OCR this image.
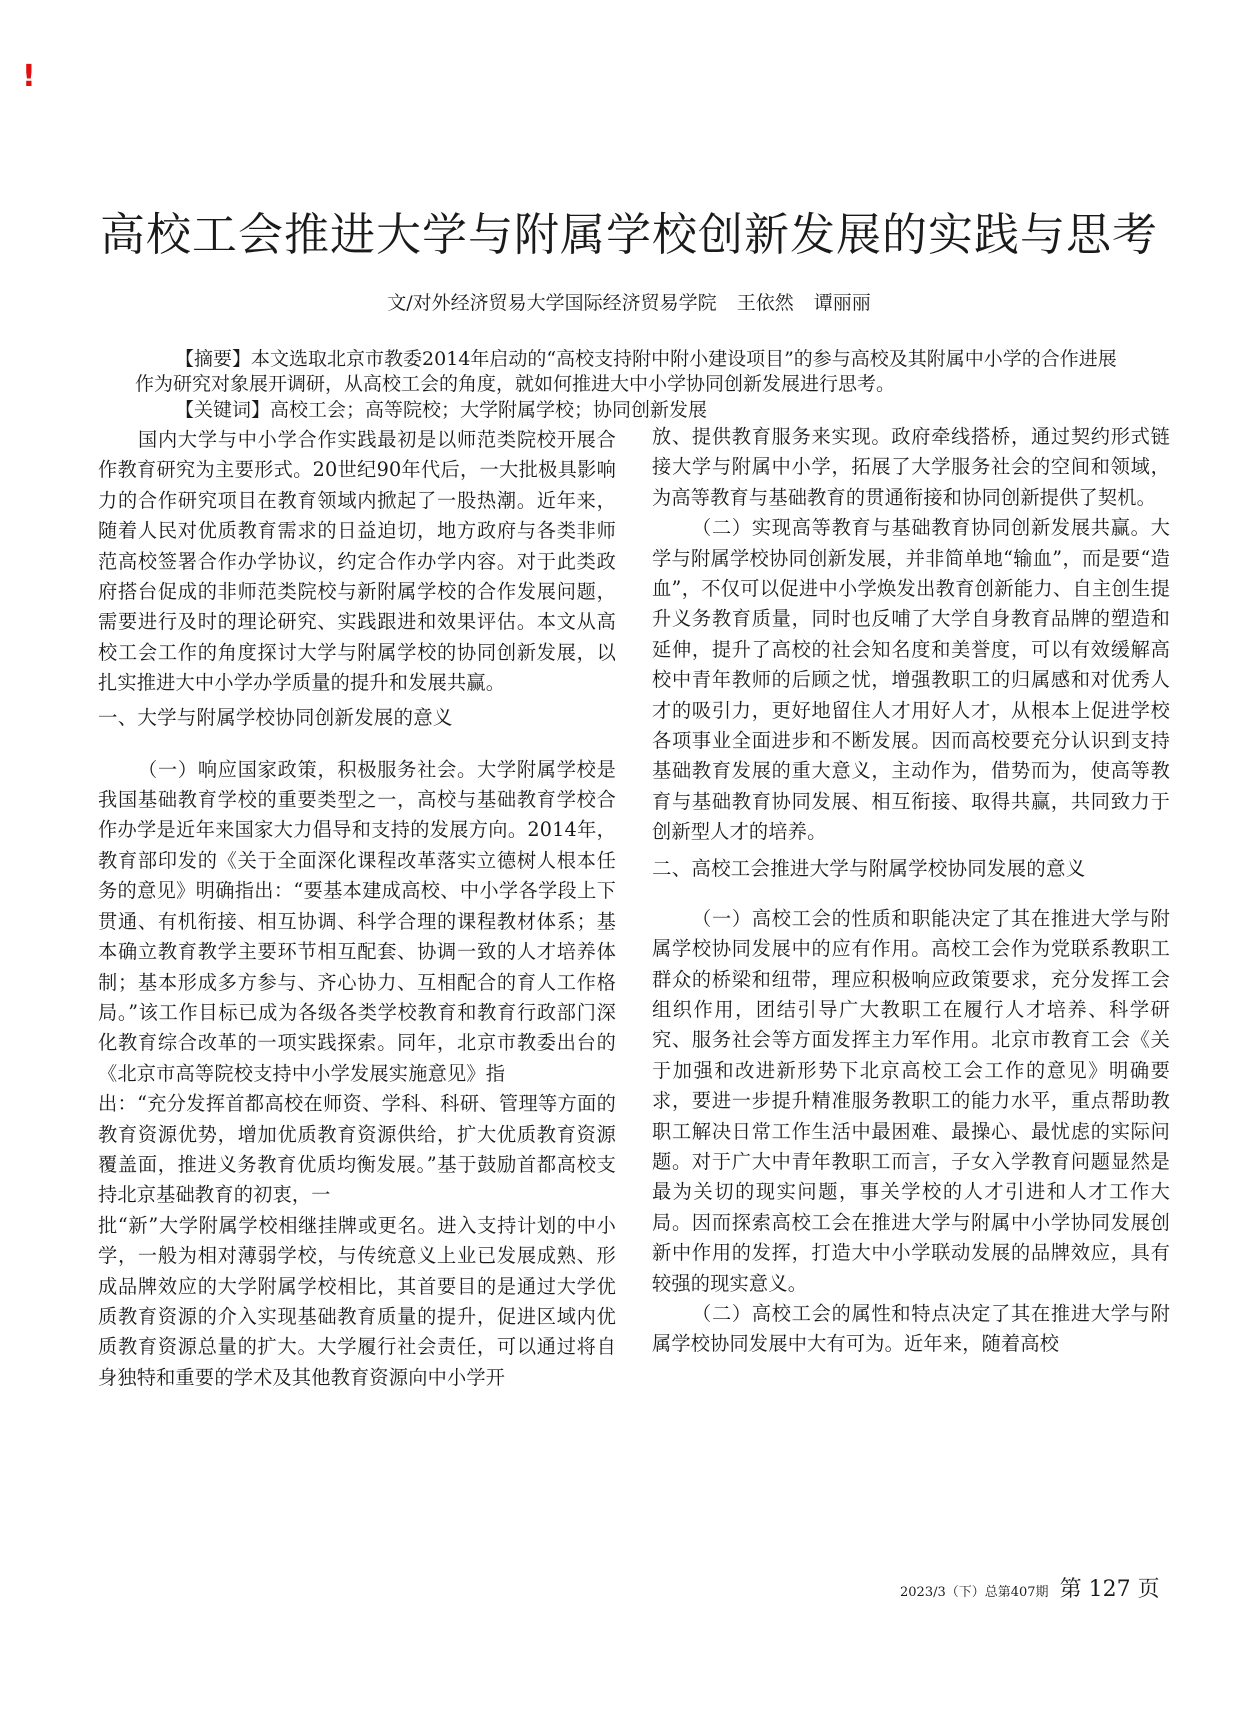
!
高校工会推进大学与附属学校创新发展的实践与思考
文/对外经济贸易大学国际经济贸易学院 王依然 谭丽丽

【摘要】本文选取北京市教委2014年启动的“高校支持附中附小建设项目”的参与高校及其附属中小学的合作进展作为研究对象展开调研，从高校工会的角度，就如何推进大中小学协同创新发展进行思考。

【关键词】高校工会；高等院校；大学附属学校；协同创新发展

国内大学与中小学合作实践最初是以师范类院校开展合作教育研究为主要形式。20世纪90年代后，一大批极具影响力的合作研究项目在教育领域内掀起了一股热潮。近年来，随着人民对优质教育需求的日益迫切，地方政府与各类非师范高校签署合作办学协议，约定合作办学内容。对于此类政府搭台促成的非师范类院校与新附属学校的合作发展问题，需要进行及时的理论研究、实践跟进和效果评估。本文从高校工会工作的角度探讨大学与附属学校的协同创新发展，以扎实推进大中小学办学质量的提升和发展共赢。

一、大学与附属学校协同创新发展的意义

（一）响应国家政策，积极服务社会。大学附属学校是我国基础教育学校的重要类型之一，高校与基础教育学校合作办学是近年来国家大力倡导和支持的发展方向。2014年，教育部印发的《关于全面深化课程改革落实立德树人根本任务的意见》明确指出：“要基本建成高校、中小学各学段上下贯通、有机衔接、相互协调、科学合理的课程教材体系；基本确立教育教学主要环节相互配套、协调一致的人才培养体制；基本形成多方参与、齐心协力、互相配合的育人工作格局。”该工作目标已成为各级各类学校教育和教育行政部门深化教育综合改革的一项实践探索。同年，北京市教委出台的《北京市高等院校支持中小学发展实施意见》指

出：“充分发挥首都高校在师资、学科、科研、管理等方面的教育资源优势，增加优质教育资源供给，扩大优质教育资源覆盖面，推进义务教育优质均衡发展。”基于鼓励首都高校支持北京基础教育的初衷，一

批“新”大学附属学校相继挂牌或更名。进入支持计划的中小学，一般为相对薄弱学校，与传统意义上业已发展成熟、形成品牌效应的大学附属学校相比，其首要目的是通过大学优质教育资源的介入实现基础教育质量的提升，促进区域内优质教育资源总量的扩大。大学履行社会责任，可以通过将自身独特和重要的学术及其他教育资源向中小学开

放、提供教育服务来实现。政府牵线搭桥，通过契约形式链接大学与附属中小学，拓展了大学服务社会的空间和领域，为高等教育与基础教育的贯通衔接和协同创新提供了契机。

（二）实现高等教育与基础教育协同创新发展共赢。大学与附属学校协同创新发展，并非简单地“输血”，而是要“造血”，不仅可以促进中小学焕发出教育创新能力、自主创生提升义务教育质量，同时也反哺了大学自身教育品牌的塑造和延伸，提升了高校的社会知名度和美誉度，可以有效缓解高校中青年教师的后顾之忧，增强教职工的归属感和对优秀人才的吸引力，更好地留住人才用好人才，从根本上促进学校各项事业全面进步和不断发展。因而高校要充分认识到支持基础教育发展的重大意义，主动作为，借势而为，使高等教育与基础教育协同发展、相互衔接、取得共赢，共同致力于创新型人才的培养。

二、高校工会推进大学与附属学校协同发展的意义

（一）高校工会的性质和职能决定了其在推进大学与附属学校协同发展中的应有作用。高校工会作为党联系教职工群众的桥梁和纽带，理应积极响应政策要求，充分发挥工会组织作用，团结引导广大教职工在履行人才培养、科学研究、服务社会等方面发挥主力军作用。北京市教育工会《关于加强和改进新形势下北京高校工会工作的意见》明确要求，要进一步提升精准服务教职工的能力水平，重点帮助教职工解决日常工作生活中最困难、最操心、最忧虑的实际问题。对于广大中青年教职工而言，子女入学教育问题显然是最为关切的现实问题，事关学校的人才引进和人才工作大局。因而探索高校工会在推进大学与附属中小学协同发展创新中作用的发挥，打造大中小学联动发展的品牌效应，具有较强的现实意义。

（二）高校工会的属性和特点决定了其在推进大学与附属学校协同发展中大有可为。近年来，随着高校

2023/3（下）总第407期 第 127 页
